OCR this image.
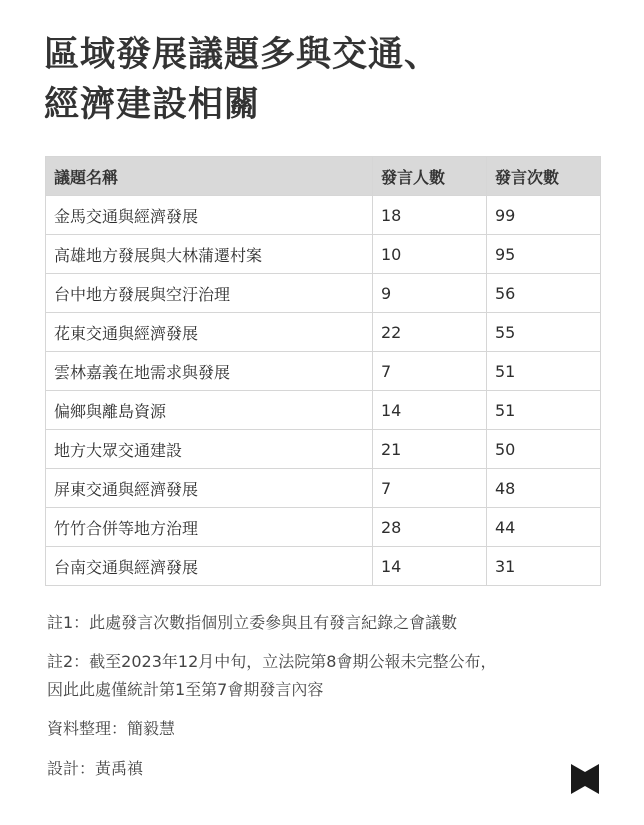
區域發展議題多與交通、
經濟建設相關
議題名稱	發言人數	發言次數
金馬交通與經濟發展	18	99
高雄地方發展與大林蒲遷村案	10	95
台中地方發展與空汙治理	9	56
花東交通與經濟發展	22	55
雲林嘉義在地需求與發展	7	51
偏鄉與離島資源	14	51
地方大眾交通建設	21	50
屏東交通與經濟發展	7	48
竹竹合併等地方治理	28	44
台南交通與經濟發展	14	31

註1：此處發言次數指個別立委參與且有發言紀錄之會議數

註2：截至2023年12月中旬，立法院第8會期公報未完整公布，
因此此處僅統計第1至第7會期發言內容

資料整理：簡毅慧

設計：黃禹禛
